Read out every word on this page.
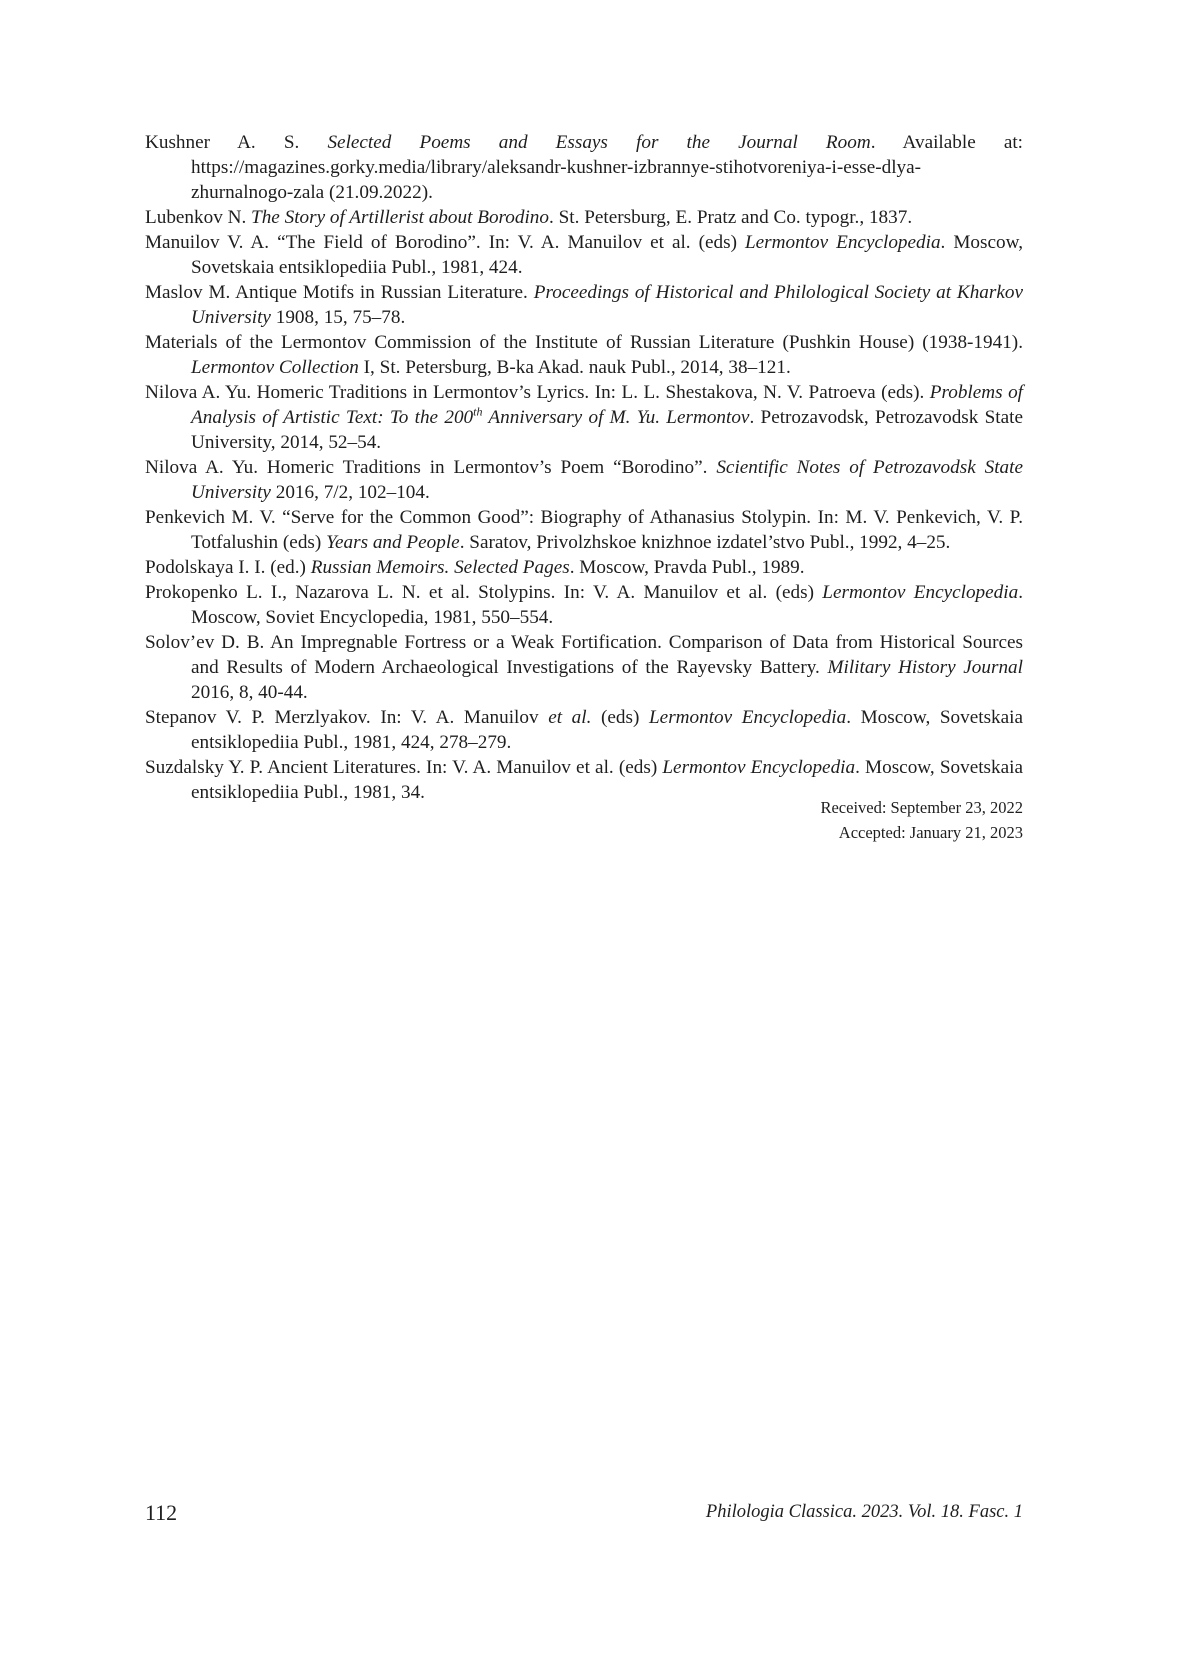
Kushner A. S. Selected Poems and Essays for the Journal Room. Available at: https://magazines.gorky.media/library/aleksandr-kushner-izbrannye-stihotvoreniya-i-esse-dlya-zhurnalnogo-zala (21.09.2022).

Lubenkov N. The Story of Artillerist about Borodino. St. Petersburg, E. Pratz and Co. typogr., 1837.

Manuilov V. A. “The Field of Borodino”. In: V. A. Manuilov et al. (eds) Lermontov Encyclopedia. Moscow, Sovetskaia entsiklopediia Publ., 1981, 424.

Maslov M. Antique Motifs in Russian Literature. Proceedings of Historical and Philological Society at Kharkov University 1908, 15, 75–78.

Materials of the Lermontov Commission of the Institute of Russian Literature (Pushkin House) (1938-1941). Lermontov Collection I, St. Petersburg, B-ka Akad. nauk Publ., 2014, 38–121.

Nilova A. Yu. Homeric Traditions in Lermontov’s Lyrics. In: L. L. Shestakova, N. V. Patroeva (eds). Problems of Analysis of Artistic Text: To the 200th Anniversary of M. Yu. Lermontov. Petrozavodsk, Petrozavodsk State University, 2014, 52–54.

Nilova A. Yu. Homeric Traditions in Lermontov’s Poem “Borodino”. Scientific Notes of Petrozavodsk State University 2016, 7/2, 102–104.

Penkevich M. V. “Serve for the Common Good”: Biography of Athanasius Stolypin. In: M. V. Penkevich, V. P. Totfalushin (eds) Years and People. Saratov, Privolzhskoe knizhnoe izdatel’stvo Publ., 1992, 4–25.

Podolskaya I. I. (ed.) Russian Memoirs. Selected Pages. Moscow, Pravda Publ., 1989.

Prokopenko L. I., Nazarova L. N. et al. Stolypins. In: V. A. Manuilov et al. (eds) Lermontov Encyclopedia. Moscow, Soviet Encyclopedia, 1981, 550–554.

Solov’ev D. B. An Impregnable Fortress or a Weak Fortification. Comparison of Data from Historical Sources and Results of Modern Archaeological Investigations of the Rayevsky Battery. Military History Journal 2016, 8, 40-44.

Stepanov V. P. Merzlyakov. In: V. A. Manuilov et al. (eds) Lermontov Encyclopedia. Moscow, Sovetskaia entsiklopediia Publ., 1981, 424, 278–279.

Suzdalsky Y. P. Ancient Literatures. In: V. A. Manuilov et al. (eds) Lermontov Encyclopedia. Moscow, Sovetskaia entsiklopediia Publ., 1981, 34.

Received: September 23, 2022
Accepted: January 21, 2023
112	Philologia Classica. 2023. Vol. 18. Fasc. 1
